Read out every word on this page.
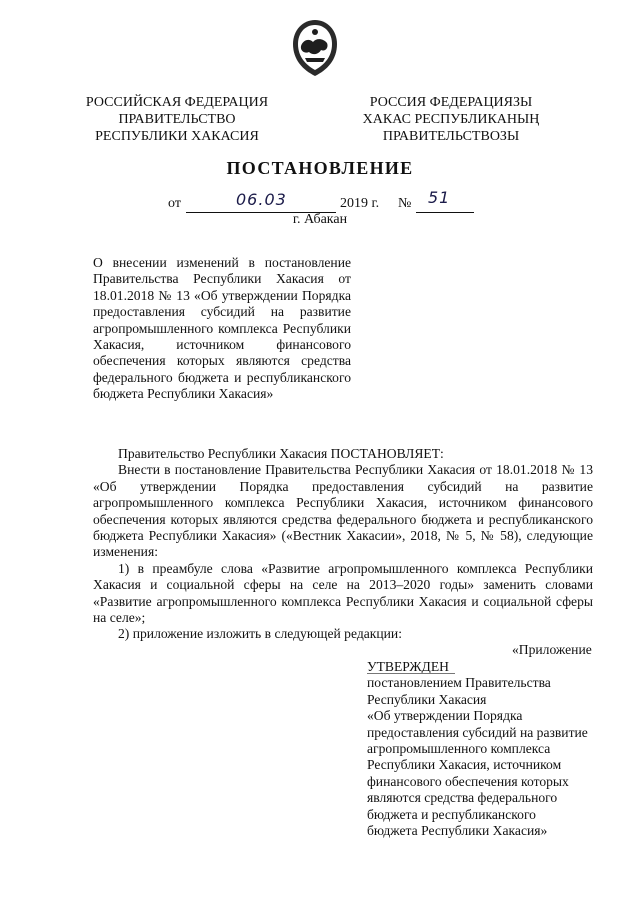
РОССИЙСКАЯ ФЕДЕРАЦИЯ
ПРАВИТЕЛЬСТВО
РЕСПУБЛИКИ ХАКАСИЯ
РОССИЯ ФЕДЕРАЦИЯЗЫ
ХАКАС РЕСПУБЛИКАНЫҢ
ПРАВИТЕЛЬСТВОЗЫ
ПОСТАНОВЛЕНИЕ
от	06.03	2019 г. № 51
г. Абакан
О внесении изменений в постановление Правительства Республики Хакасия от 18.01.2018 № 13 «Об утверждении Порядка предоставления субсидий на развитие агропромышленного комплекса Республики Хакасия, источником финансового обеспечения которых являются средства федерального бюджета и республиканского бюджета Республики Хакасия»

Правительство Республики Хакасия ПОСТАНОВЛЯЕТ:

Внести в постановление Правительства Республики Хакасия от 18.01.2018 № 13 «Об утверждении Порядка предоставления субсидий на развитие агропромышленного комплекса Республики Хакасия, источником финансового обеспечения которых являются средства федерального бюджета и республиканского бюджета Республики Хакасия» («Вестник Хакасии», 2018, № 5, № 58), следующие изменения:

1) в преамбуле слова «Развитие агропромышленного комплекса Республики Хакасия и социальной сферы на селе на 2013–2020 годы» заменить словами «Развитие агропромышленного комплекса Республики Хакасия и социальной сферы на селе»;

2) приложение изложить в следующей редакции:

«Приложение
УТВЕРЖДЕН
постановлением Правительства
Республики Хакасия
«Об утверждении Порядка
предоставления субсидий на развитие
агропромышленного комплекса
Республики Хакасия, источником
финансового обеспечения которых
являются средства федерального
бюджета и республиканского
бюджета Республики Хакасия»
